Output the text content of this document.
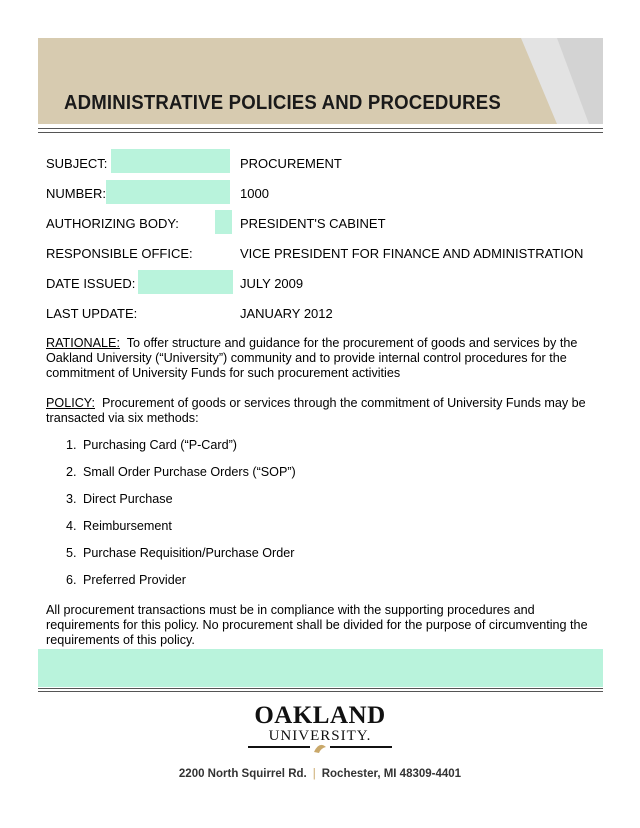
ADMINISTRATIVE POLICIES AND PROCEDURES
SUBJECT:	PROCUREMENT
NUMBER:	1000
AUTHORIZING BODY:	PRESIDENT'S CABINET
RESPONSIBLE OFFICE:	VICE PRESIDENT FOR FINANCE AND ADMINISTRATION
DATE ISSUED:	JULY 2009
LAST UPDATE:	JANUARY 2012
RATIONALE: To offer structure and guidance for the procurement of goods and services by the Oakland University (“University”) community and to provide internal control procedures for the commitment of University Funds for such procurement activities
POLICY: Procurement of goods or services through the commitment of University Funds may be transacted via six methods:
1. Purchasing Card (“P-Card”)
2. Small Order Purchase Orders (“SOP”)
3. Direct Purchase
4. Reimbursement
5. Purchase Requisition/Purchase Order
6. Preferred Provider
All procurement transactions must be in compliance with the supporting procedures and requirements for this policy. No procurement shall be divided for the purpose of circumventing the requirements of this policy.
OAKLAND
UNIVERSITY.
2200 North Squirrel Rd. | Rochester, MI 48309-4401
